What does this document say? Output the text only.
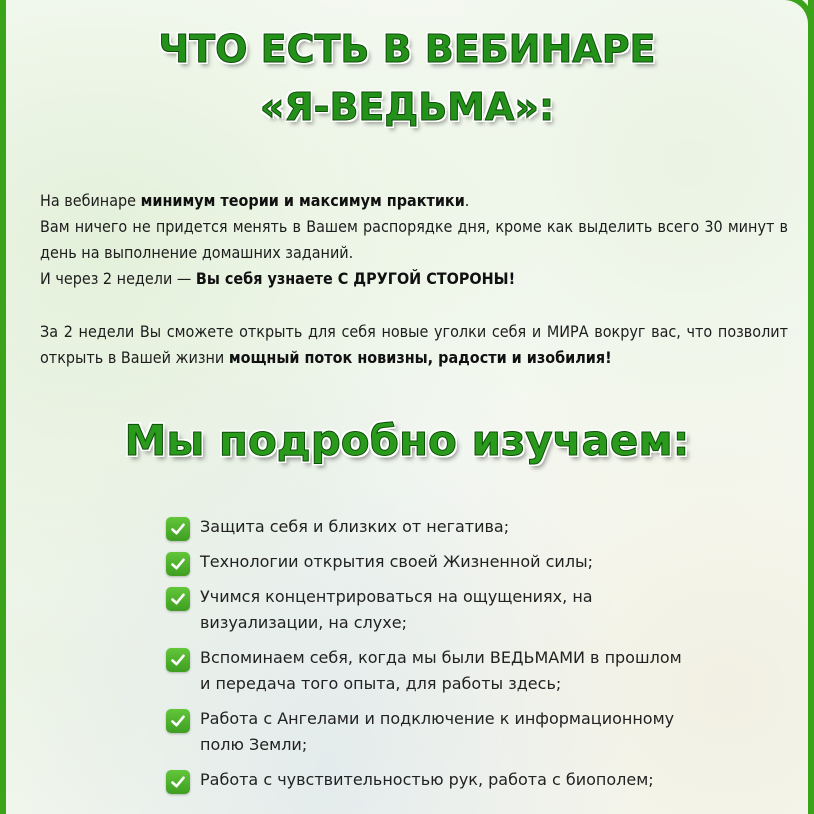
ЧТО ЕСТЬ В ВЕБИНАРЕ
«Я-ВЕДЬМА»:
На вебинаре минимум теории и максимум практики.
Вам ничего не придется менять в Вашем распорядке дня, кроме как выделить всего 30 минут в день на выполнение домашних заданий.
И через 2 недели — Вы себя узнаете С ДРУГОЙ СТОРОНЫ!
За 2 недели Вы сможете открыть для себя новые уголки себя и МИРА вокруг вас, что позволит открыть в Вашей жизни мощный поток новизны, радости и изобилия!
Мы подробно изучаем:
Защита себя и близких от негатива;
Технологии открытия своей Жизненной силы;
Учимся концентрироваться на ощущениях, на визуализации, на слухе;
Вспоминаем себя, когда мы были ВЕДЬМАМИ в прошлом и передача того опыта, для работы здесь;
Работа с Ангелами и подключение к информационному полю Земли;
Работа с чувствительностью рук, работа с биополем;
